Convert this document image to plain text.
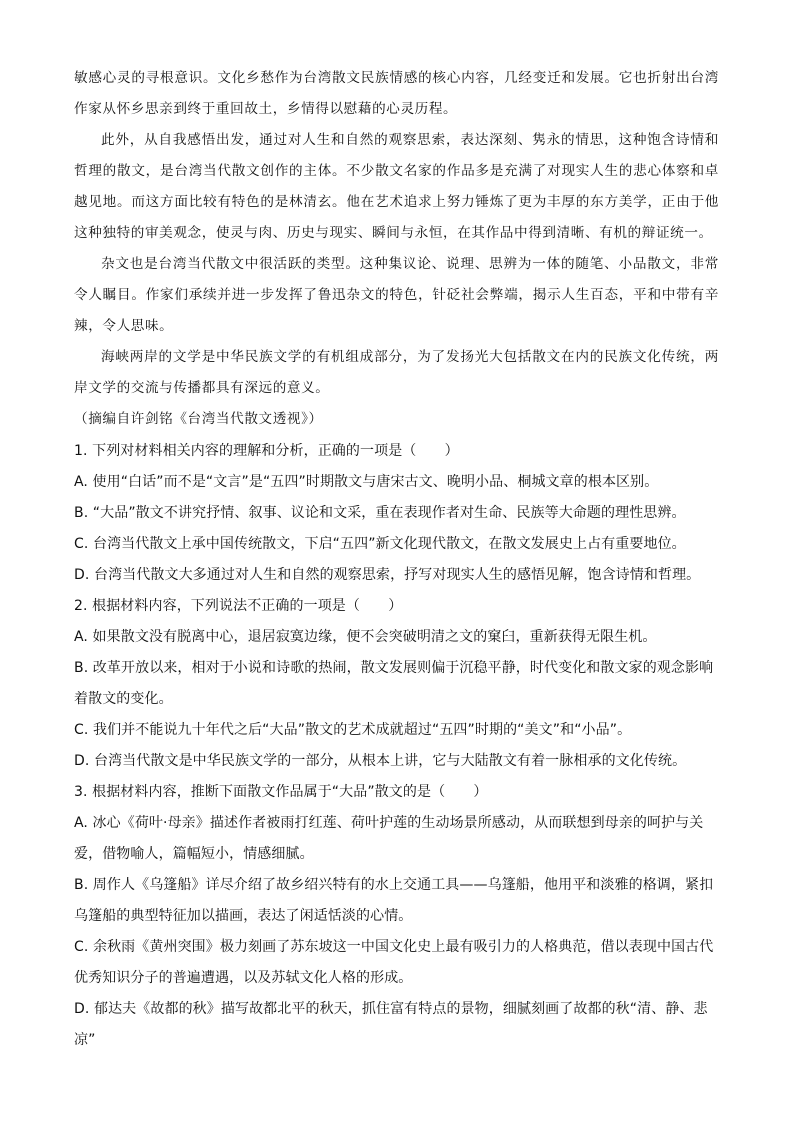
敏感心灵的寻根意识。文化乡愁作为台湾散文民族情感的核心内容，几经变迁和发展。它也折射出台湾作家从怀乡思亲到终于重回故土，乡情得以慰藉的心灵历程。

此外，从自我感悟出发，通过对人生和自然的观察思索，表达深刻、隽永的情思，这种饱含诗情和哲理的散文，是台湾当代散文创作的主体。不少散文名家的作品多是充满了对现实人生的悲心体察和卓越见地。而这方面比较有特色的是林清玄。他在艺术追求上努力锤炼了更为丰厚的东方美学，正由于他这种独特的审美观念，使灵与肉、历史与现实、瞬间与永恒，在其作品中得到清晰、有机的辩证统一。

杂文也是台湾当代散文中很活跃的类型。这种集议论、说理、思辨为一体的随笔、小品散文，非常令人瞩目。作家们承续并进一步发挥了鲁迅杂文的特色，针砭社会弊端，揭示人生百态，平和中带有辛辣，令人思味。

海峡两岸的文学是中华民族文学的有机组成部分，为了发扬光大包括散文在内的民族文化传统，两岸文学的交流与传播都具有深远的意义。

（摘编自许剑铭《台湾当代散文透视》）

1. 下列对材料相关内容的理解和分析，正确的一项是（　　）

A. 使用“白话”而不是“文言”是“五四”时期散文与唐宋古文、晚明小品、桐城文章的根本区别。

B. “大品”散文不讲究抒情、叙事、议论和文采，重在表现作者对生命、民族等大命题的理性思辨。

C. 台湾当代散文上承中国传统散文，下启“五四”新文化现代散文，在散文发展史上占有重要地位。

D. 台湾当代散文大多通过对人生和自然的观察思索，抒写对现实人生的感悟见解，饱含诗情和哲理。

2. 根据材料内容，下列说法不正确的一项是（　　）

A. 如果散文没有脱离中心，退居寂寞边缘，便不会突破明清之文的窠臼，重新获得无限生机。

B. 改革开放以来，相对于小说和诗歌的热闹，散文发展则偏于沉稳平静，时代变化和散文家的观念影响着散文的变化。

C. 我们并不能说九十年代之后“大品”散文的艺术成就超过“五四”时期的“美文”和“小品”。

D. 台湾当代散文是中华民族文学的一部分，从根本上讲，它与大陆散文有着一脉相承的文化传统。

3. 根据材料内容，推断下面散文作品属于“大品”散文的是（　　）

A. 冰心《荷叶·母亲》描述作者被雨打红莲、荷叶护莲的生动场景所感动，从而联想到母亲的呵护与关爱，借物喻人，篇幅短小，情感细腻。

B. 周作人《乌篷船》详尽介绍了故乡绍兴特有的水上交通工具——乌篷船，他用平和淡雅的格调，紧扣乌篷船的典型特征加以描画，表达了闲适恬淡的心情。

C. 余秋雨《黄州突围》极力刻画了苏东坡这一中国文化史上最有吸引力的人格典范，借以表现中国古代优秀知识分子的普遍遭遇，以及苏轼文化人格的形成。

D. 郁达夫《故都的秋》描写故都北平的秋天，抓住富有特点的景物，细腻刻画了故都的秋“清、静、悲凉”
